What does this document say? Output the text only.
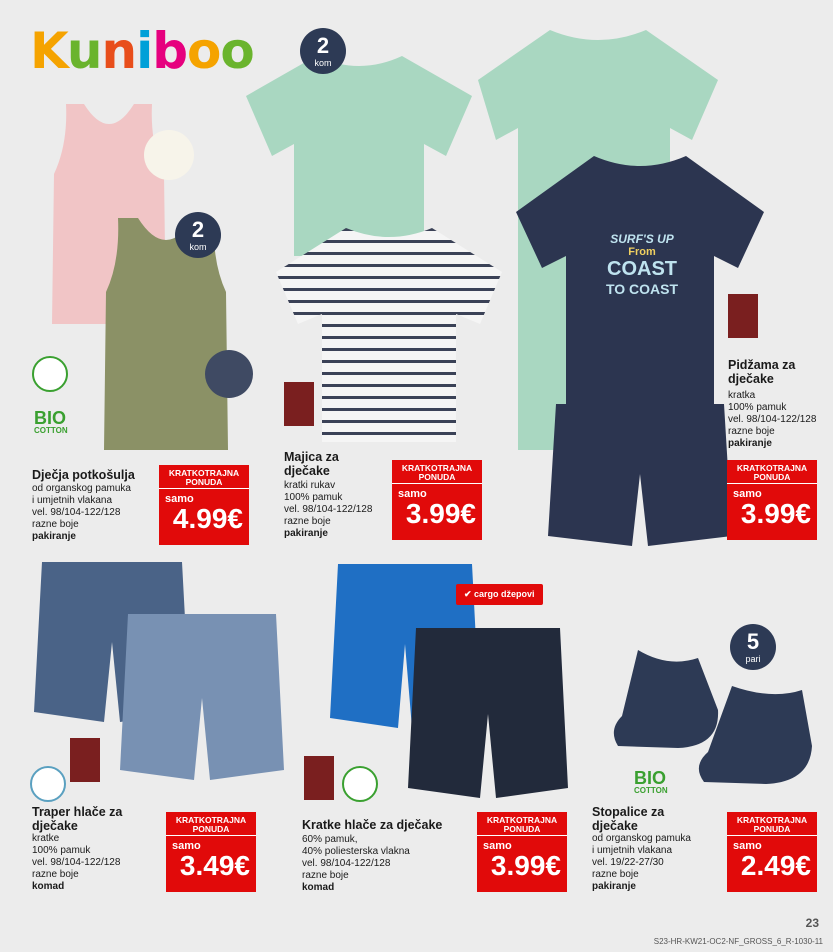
Kuniboo
2
kom
BIO
COTTON
Dječja potkošulja
od organskog pamuka
i umjetnih vlakana
vel. 98/104-122/128
razne boje
pakiranje
KRATKOTRAJNA PONUDA
samo
4.99€
2
kom
Majica za dječake
kratki rukav
100% pamuk
vel. 98/104-122/128
razne boje
pakiranje
KRATKOTRAJNA PONUDA
samo
3.99€
SURF'S UP
From
COAST
TO COAST
Pidžama za dječake
kratka
100% pamuk
vel. 98/104-122/128
razne boje
pakiranje
KRATKOTRAJNA PONUDA
samo
3.99€
Traper hlače za dječake
kratke
100% pamuk
vel. 98/104-122/128
razne boje
komad
KRATKOTRAJNA PONUDA
samo
3.49€
✔ cargo džepovi
Kratke hlače za dječake
60% pamuk,
40% poliesterska vlakna
vel. 98/104-122/128
razne boje
komad
KRATKOTRAJNA PONUDA
samo
3.99€
5
pari
BIO
COTTON
Stopalice za dječake
od organskog pamuka
i umjetnih vlakana
vel. 19/22-27/30
razne boje
pakiranje
KRATKOTRAJNA PONUDA
samo
2.49€
23
S23-HR-KW21-OC2-NF_GROSS_6_R-1030-11
